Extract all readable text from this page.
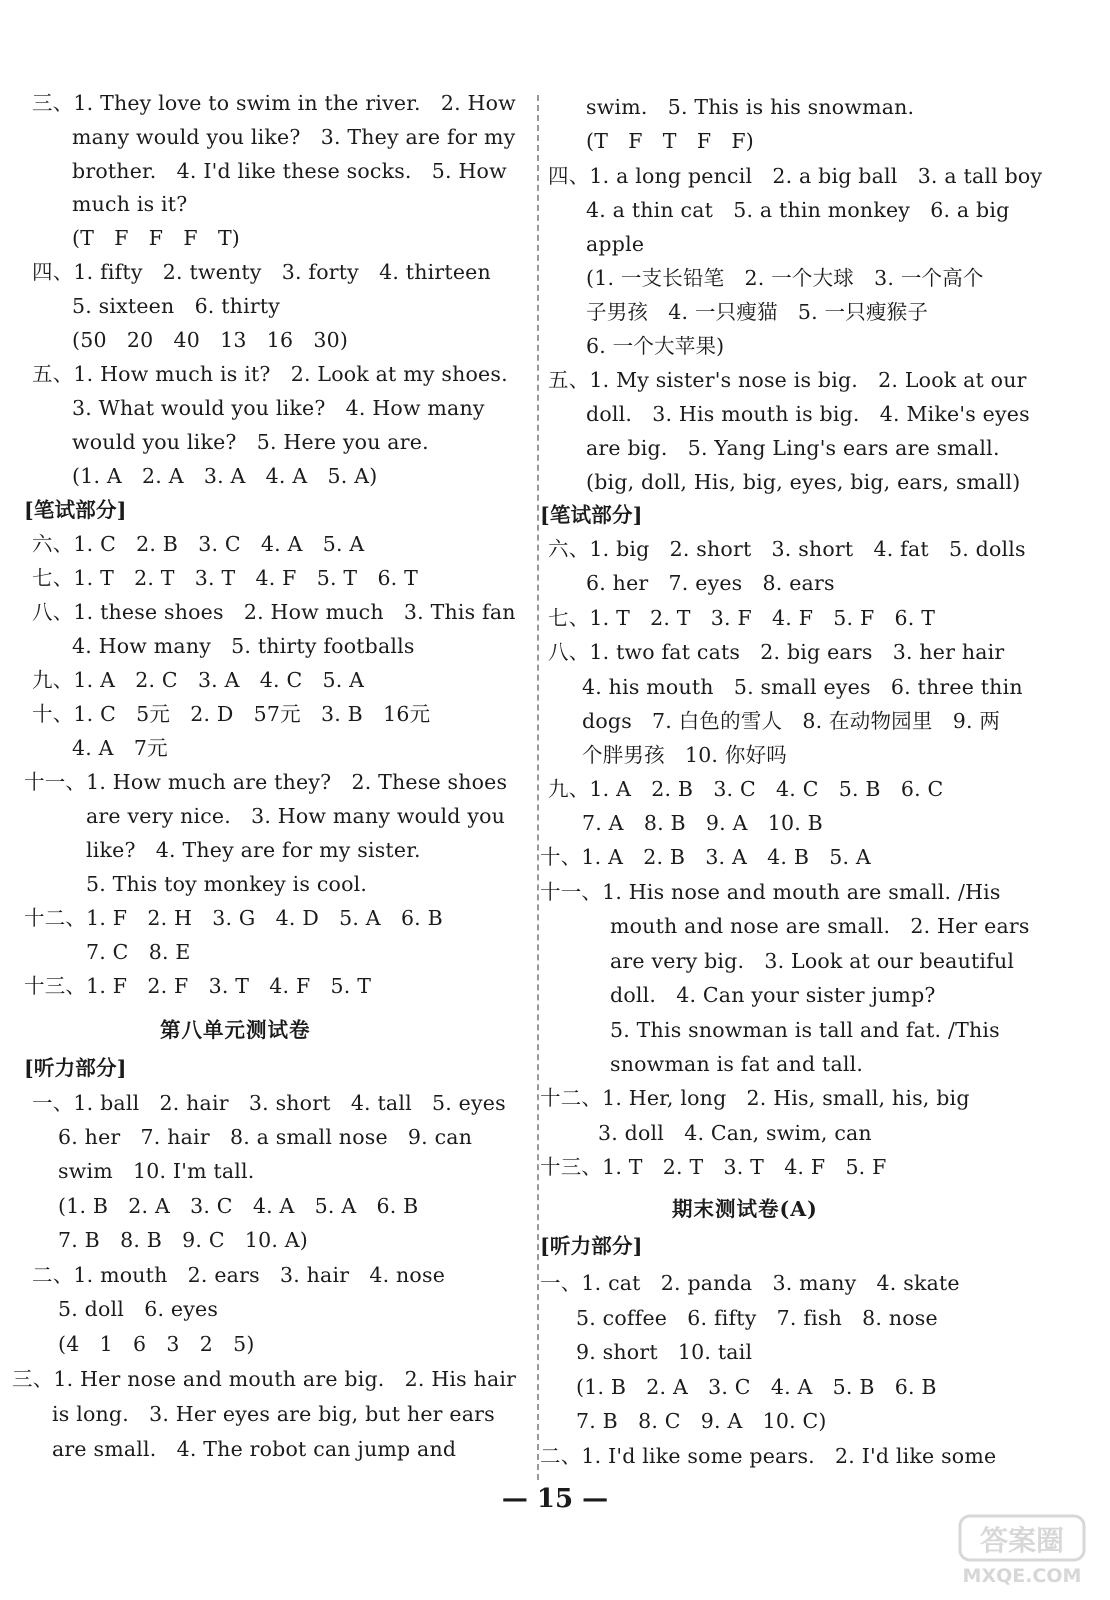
三、1. They love to swim in the river.   2. How
many would you like?   3. They are for my
brother.   4. I'd like these socks.   5. How
much is it?
(T   F   F   F   T)
四、1. fifty   2. twenty   3. forty   4. thirteen
5. sixteen   6. thirty
(50   20   40   13   16   30)
五、1. How much is it?   2. Look at my shoes.
3. What would you like?   4. How many
would you like?   5. Here you are.
(1. A   2. A   3. A   4. A   5. A)
[笔试部分]
六、1. C   2. B   3. C   4. A   5. A
七、1. T   2. T   3. T   4. F   5. T   6. T
八、1. these shoes   2. How much   3. This fan
4. How many   5. thirty footballs
九、1. A   2. C   3. A   4. C   5. A
十、1. C   5元   2. D   57元   3. B   16元
4. A   7元
十一、1. How much are they?   2. These shoes
are very nice.   3. How many would you
like?   4. They are for my sister.
5. This toy monkey is cool.
十二、1. F   2. H   3. G   4. D   5. A   6. B
7. C   8. E
十三、1. F   2. F   3. T   4. F   5. T
第八单元测试卷
[听力部分]
一、1. ball   2. hair   3. short   4. tall   5. eyes
6. her   7. hair   8. a small nose   9. can
swim   10. I'm tall.
(1. B   2. A   3. C   4. A   5. A   6. B
7. B   8. B   9. C   10. A)
二、1. mouth   2. ears   3. hair   4. nose
5. doll   6. eyes
(4   1   6   3   2   5)
三、1. Her nose and mouth are big.   2. His hair
is long.   3. Her eyes are big, but her ears
are small.   4. The robot can jump and
swim.   5. This is his snowman.
(T   F   T   F   F)
四、1. a long pencil   2. a big ball   3. a tall boy
4. a thin cat   5. a thin monkey   6. a big
apple
(1. 一支长铅笔   2. 一个大球   3. 一个高个
子男孩   4. 一只瘦猫   5. 一只瘦猴子
6. 一个大苹果)
五、1. My sister's nose is big.   2. Look at our
doll.   3. His mouth is big.   4. Mike's eyes
are big.   5. Yang Ling's ears are small.
(big, doll, His, big, eyes, big, ears, small)
[笔试部分]
六、1. big   2. short   3. short   4. fat   5. dolls
6. her   7. eyes   8. ears
七、1. T   2. T   3. F   4. F   5. F   6. T
八、1. two fat cats   2. big ears   3. her hair
4. his mouth   5. small eyes   6. three thin
dogs   7. 白色的雪人   8. 在动物园里   9. 两
个胖男孩   10. 你好吗
九、1. A   2. B   3. C   4. C   5. B   6. C
7. A   8. B   9. A   10. B
十、1. A   2. B   3. A   4. B   5. A
十一、1. His nose and mouth are small. /His
mouth and nose are small.   2. Her ears
are very big.   3. Look at our beautiful
doll.   4. Can your sister jump?
5. This snowman is tall and fat. /This
snowman is fat and tall.
十二、1. Her, long   2. His, small, his, big
3. doll   4. Can, swim, can
十三、1. T   2. T   3. T   4. F   5. F
期末测试卷(A)
[听力部分]
一、1. cat   2. panda   3. many   4. skate
5. coffee   6. fifty   7. fish   8. nose
9. short   10. tail
(1. B   2. A   3. C   4. A   5. B   6. B
7. B   8. C   9. A   10. C)
二、1. I'd like some pears.   2. I'd like some
— 15 —
答案圈
MXQE.COM
